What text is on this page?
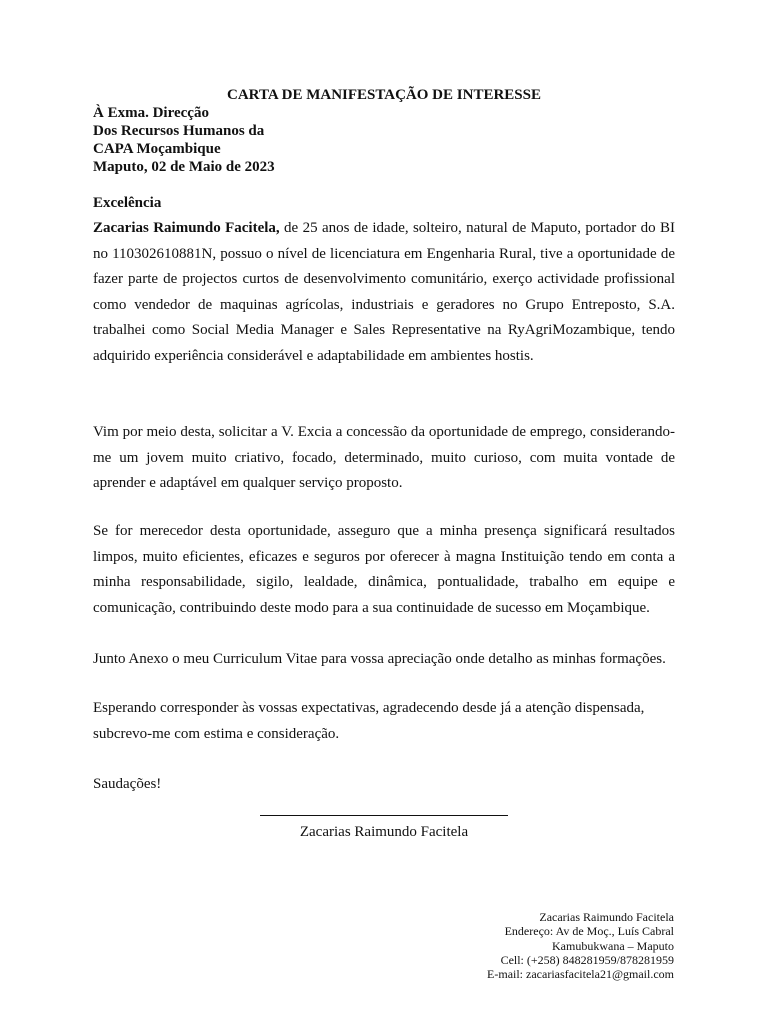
CARTA DE MANIFESTAÇÃO DE INTERESSE
À Exma. Direcção
Dos Recursos Humanos da
CAPA Moçambique
Maputo, 02 de Maio de 2023
Excelência
Zacarias Raimundo Facitela, de 25 anos de idade, solteiro, natural de Maputo, portador do BI no 110302610881N, possuo o nível de licenciatura em Engenharia Rural, tive a oportunidade de fazer parte de projectos curtos de desenvolvimento comunitário, exerço actividade profissional como vendedor de maquinas agrícolas, industriais e geradores no Grupo Entreposto, S.A. trabalhei como Social Media Manager e Sales Representative na RyAgriMozambique, tendo adquirido experiência considerável e adaptabilidade em ambientes hostis.
Vim por meio desta, solicitar a V. Excia a concessão da oportunidade de emprego, considerando-me um jovem muito criativo, focado, determinado, muito curioso, com muita vontade de aprender e adaptável em qualquer serviço proposto.
Se for merecedor desta oportunidade, asseguro que a minha presença significará resultados limpos, muito eficientes, eficazes e seguros por oferecer à magna Instituição tendo em conta a minha responsabilidade, sigilo, lealdade, dinâmica, pontualidade, trabalho em equipe e comunicação, contribuindo deste modo para a sua continuidade de sucesso em Moçambique.
Junto Anexo o meu Curriculum Vitae para vossa apreciação onde detalho as minhas formações.
Esperando corresponder às vossas expectativas, agradecendo desde já a atenção dispensada, subcrevo-me com estima e consideração.
Saudações!
Zacarias Raimundo Facitela
Zacarias Raimundo Facitela
Endereço: Av de Moç., Luís Cabral
Kamubukwana – Maputo
Cell: (+258) 848281959/878281959
E-mail: zacariasfacitela21@gmail.com
